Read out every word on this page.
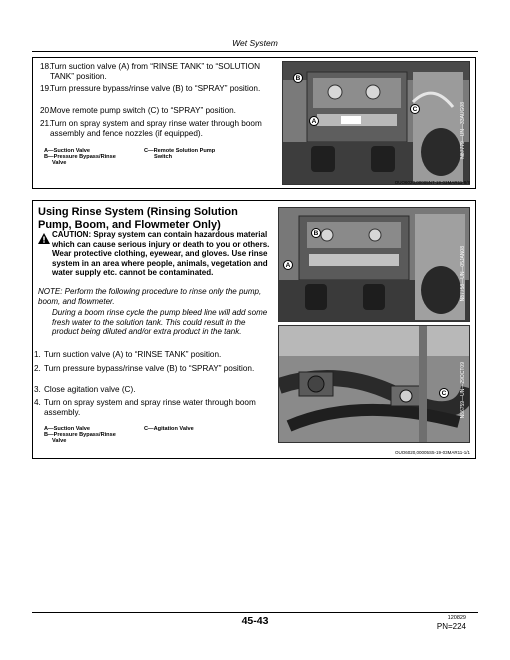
Wet System
18.
Turn suction valve (A) from “RINSE TANK” to “SOLUTION TANK” position.
19.
Turn pressure bypass/rinse valve (B) to “SPRAY” position.
20.
Move remote pump switch (C) to “SPRAY” position.
21.
Turn on spray system and spray rinse water through boom assembly and fence nozzles (if equipped).
A—Suction Valve
B—Pressure Bypass/Rinse
Valve
C—Remote Solution Pump
Switch
B
A
C	N87779—UN—33AUG08
OUO6020,00005NT-19-03MAR11-8/8
Using Rinse System (Rinsing Solution Pump, Boom, and Flowmeter Only)
CAUTION: Spray system can contain hazardous material which can cause serious injury or death to you or others. Wear protective clothing, eyewear, and gloves. Use rinse system in an area where people, animals, vegetation and water supply etc. cannot be contaminated.
NOTE: Perform the following procedure to rinse only the pump, boom, and flowmeter.
During a boom rinse cycle the pump bleed line will add some fresh water to the solution tank. This could result in the product being diluted and/or extra product in the tank.
1. Turn suction valve (A) to “RINSE TANK” position.
2. Turn pressure bypass/rinse valve (B) to “SPRAY” position.
3. Close agitation valve (C).
4. Turn on spray system and spray rinse water through boom assembly.
A—Suction Valve
B—Pressure Bypass/Rinse
Valve
C—Agitation Valve
B
A	N87758—UN—05JAN08
C	N86759—UN—29OCT09
OUO6020,00005S5-19-03MAR11-1/1
45-43	120829
PN=224
